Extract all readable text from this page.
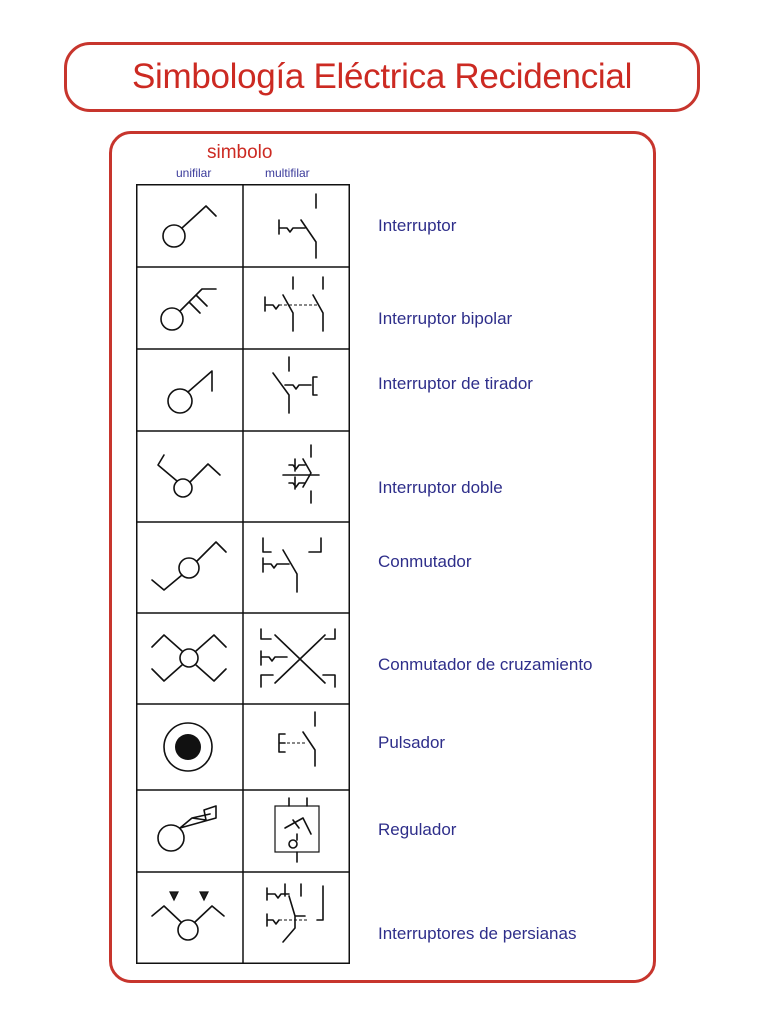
Simbología Eléctrica Recidencial
simbolo
unifilar	multifilar
Interruptor
Interruptor bipolar
Interruptor de tirador
Interruptor doble
Conmutador
Conmutador de cruzamiento
Pulsador
Regulador
Interruptores de persianas
